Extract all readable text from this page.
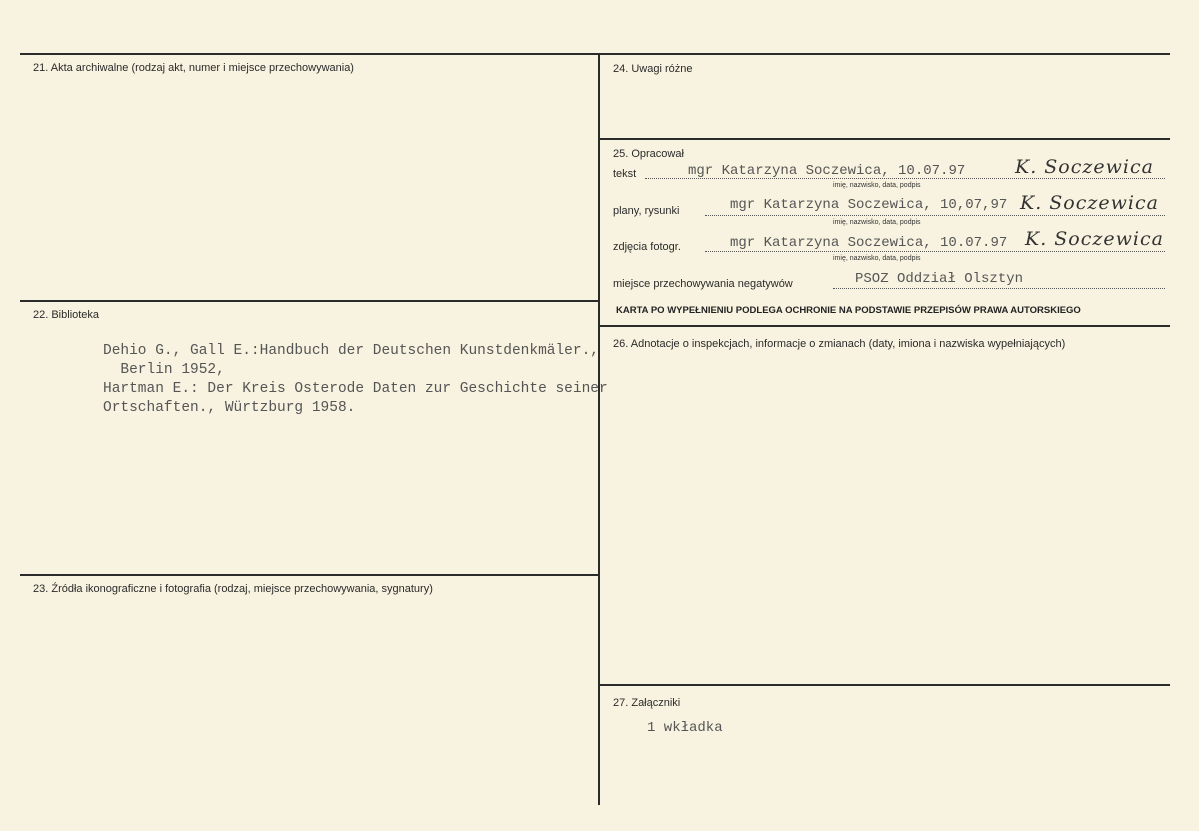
21. Akta archiwalne (rodzaj akt, numer i miejsce przechowywania)
22. Biblioteka
Dehio G., Gall E.:Handbuch der Deutschen Kunstdenkmäler.,
Berlin 1952,
Hartman E.: Der Kreis Osterode Daten zur Geschichte seiner
Ortschaften., Würtzburg 1958.
23. Źródła ikonograficzne i fotografia (rodzaj, miejsce przechowywania, sygnatury)
24. Uwagi różne
25. Opracował
tekst	mgr Katarzyna Soczewica, 10.07.97
imię, nazwisko, data, podpis
K. Soczewica
plany, rysunki	mgr Katarzyna Soczewica, 10,07,97
imię, nazwisko, data, podpis
K. Soczewica
zdjęcia fotogr.	mgr Katarzyna Soczewica, 10.07.97
imię, nazwisko, data, podpis
K. Soczewica
miejsce przechowywania negatywów	PSOZ Oddział Olsztyn
KARTA PO WYPEŁNIENIU PODLEGA OCHRONIE NA PODSTAWIE PRZEPISÓW PRAWA AUTORSKIEGO
26. Adnotacje o inspekcjach, informacje o zmianach (daty, imiona i nazwiska wypełniających)
27. Załączniki
1 wkładka
